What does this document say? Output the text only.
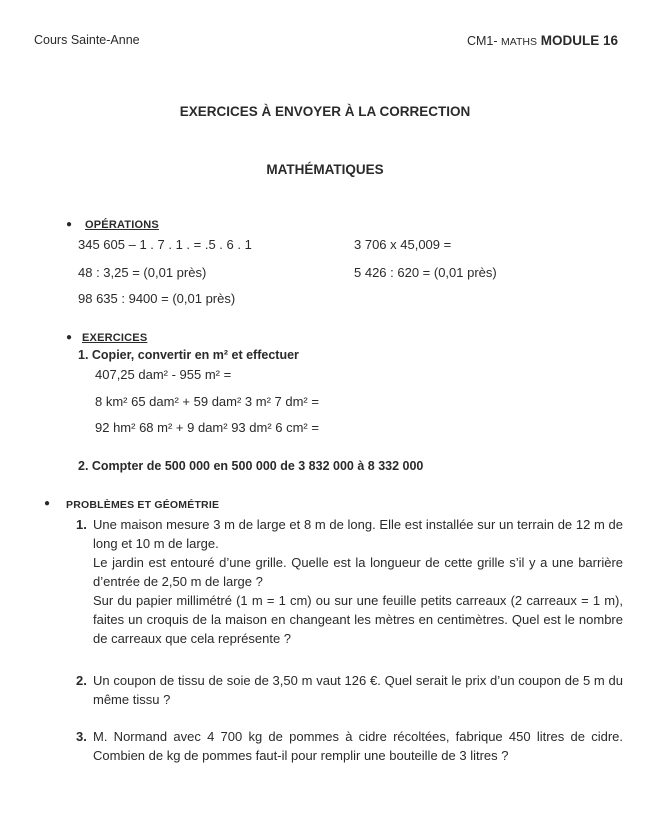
Cours Sainte-Anne	CM1- MATHS MODULE 16
EXERCICES À ENVOYER À LA CORRECTION
MATHÉMATIQUES
● OPÉRATIONS
345 605 – 1 . 7 . 1 . = .5 . 6 . 1	3 706 x 45,009 =
48 : 3,25 = (0,01 près)	5 426 : 620 = (0,01 près)
98 635 : 9400 = (0,01 près)
● EXERCICES
1. Copier, convertir en m² et effectuer
407,25 dam² - 955 m² =
8 km² 65 dam² + 59 dam² 3 m² 7 dm² =
92 hm² 68 m² + 9 dam² 93 dm² 6 cm² =
2. Compter de 500 000 en 500 000 de 3 832 000 à 8 332 000
● PROBLÈMES ET GÉOMÉTRIE
1. Une maison mesure 3 m de large et 8 m de long. Elle est installée sur un terrain de 12 m de long et 10 m de large.
Le jardin est entouré d’une grille. Quelle est la longueur de cette grille s’il y a une barrière d’entrée de 2,50 m de large ?
Sur du papier millimétré (1 m = 1 cm) ou sur une feuille petits carreaux (2 carreaux = 1 m), faites un croquis de la maison en changeant les mètres en centimètres. Quel est le nombre de carreaux que cela représente ?
2. Un coupon de tissu de soie de 3,50 m vaut 126 €. Quel serait le prix d’un coupon de 5 m du même tissu ?
3. M. Normand avec 4 700 kg de pommes à cidre récoltées, fabrique 450 litres de cidre. Combien de kg de pommes faut-il pour remplir une bouteille de 3 litres ?
